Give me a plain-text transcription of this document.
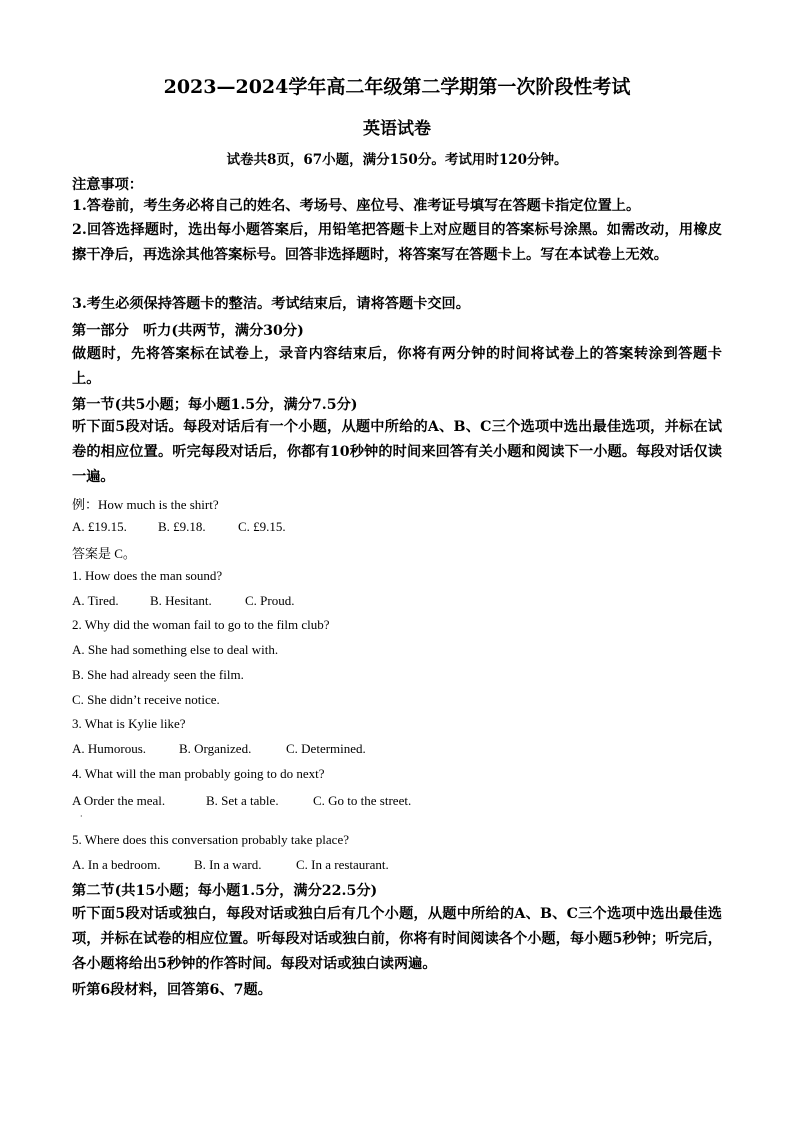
2023—2024学年高二年级第二学期第一次阶段性考试
英语试卷
试卷共8页，67小题，满分150分。考试用时120分钟。
注意事项：
1.答卷前，考生务必将自己的姓名、考场号、座位号、准考证号填写在答题卡指定位置上。
2.回答选择题时，选出每小题答案后，用铅笔把答题卡上对应题目的答案标号涂黑。如需改动，用橡皮擦干净后，再选涂其他答案标号。回答非选择题时，将答案写在答题卡上。写在本试卷上无效。
3.考生必须保持答题卡的整洁。考试结束后，请将答题卡交回。
第一部分　听力(共两节，满分30分)
做题时，先将答案标在试卷上，录音内容结束后，你将有两分钟的时间将试卷上的答案转涂到答题卡上。
第一节(共5小题；每小题1.5分，满分7.5分)
听下面5段对话。每段对话后有一个小题，从题中所给的A、B、C三个选项中选出最佳选项，并标在试卷的相应位置。听完每段对话后，你都有10秒钟的时间来回答有关小题和阅读下一小题。每段对话仅读一遍。
例：How much is the shirt?
A. £19.15. B. £9.18. C. £9.15.
答案是 C。
1. How does the man sound?
A. Tired. B. Hesitant.	C. Proud.
2. Why did the woman fail to go to the film club?
A. She had something else to deal with.
B. She had already seen the film.
C. She didn’t receive notice.
3. What is Kylie like?
A. Humorous.	B. Organized.	C. Determined.
4. What will the man probably going to do next?
A Order the meal.	B. Set a table.	C. Go to the street.
·
5. Where does this conversation probably take place?
A. In a bedroom.	B. In a ward.	C. In a restaurant.
第二节(共15小题；每小题1.5分，满分22.5分)
听下面5段对话或独白，每段对话或独白后有几个小题，从题中所给的A、B、C三个选项中选出最佳选项，并标在试卷的相应位置。听每段对话或独白前，你将有时间阅读各个小题，每小题5秒钟；听完后，各小题将给出5秒钟的作答时间。每段对话或独白读两遍。
听第6段材料，回答第6、7题。
